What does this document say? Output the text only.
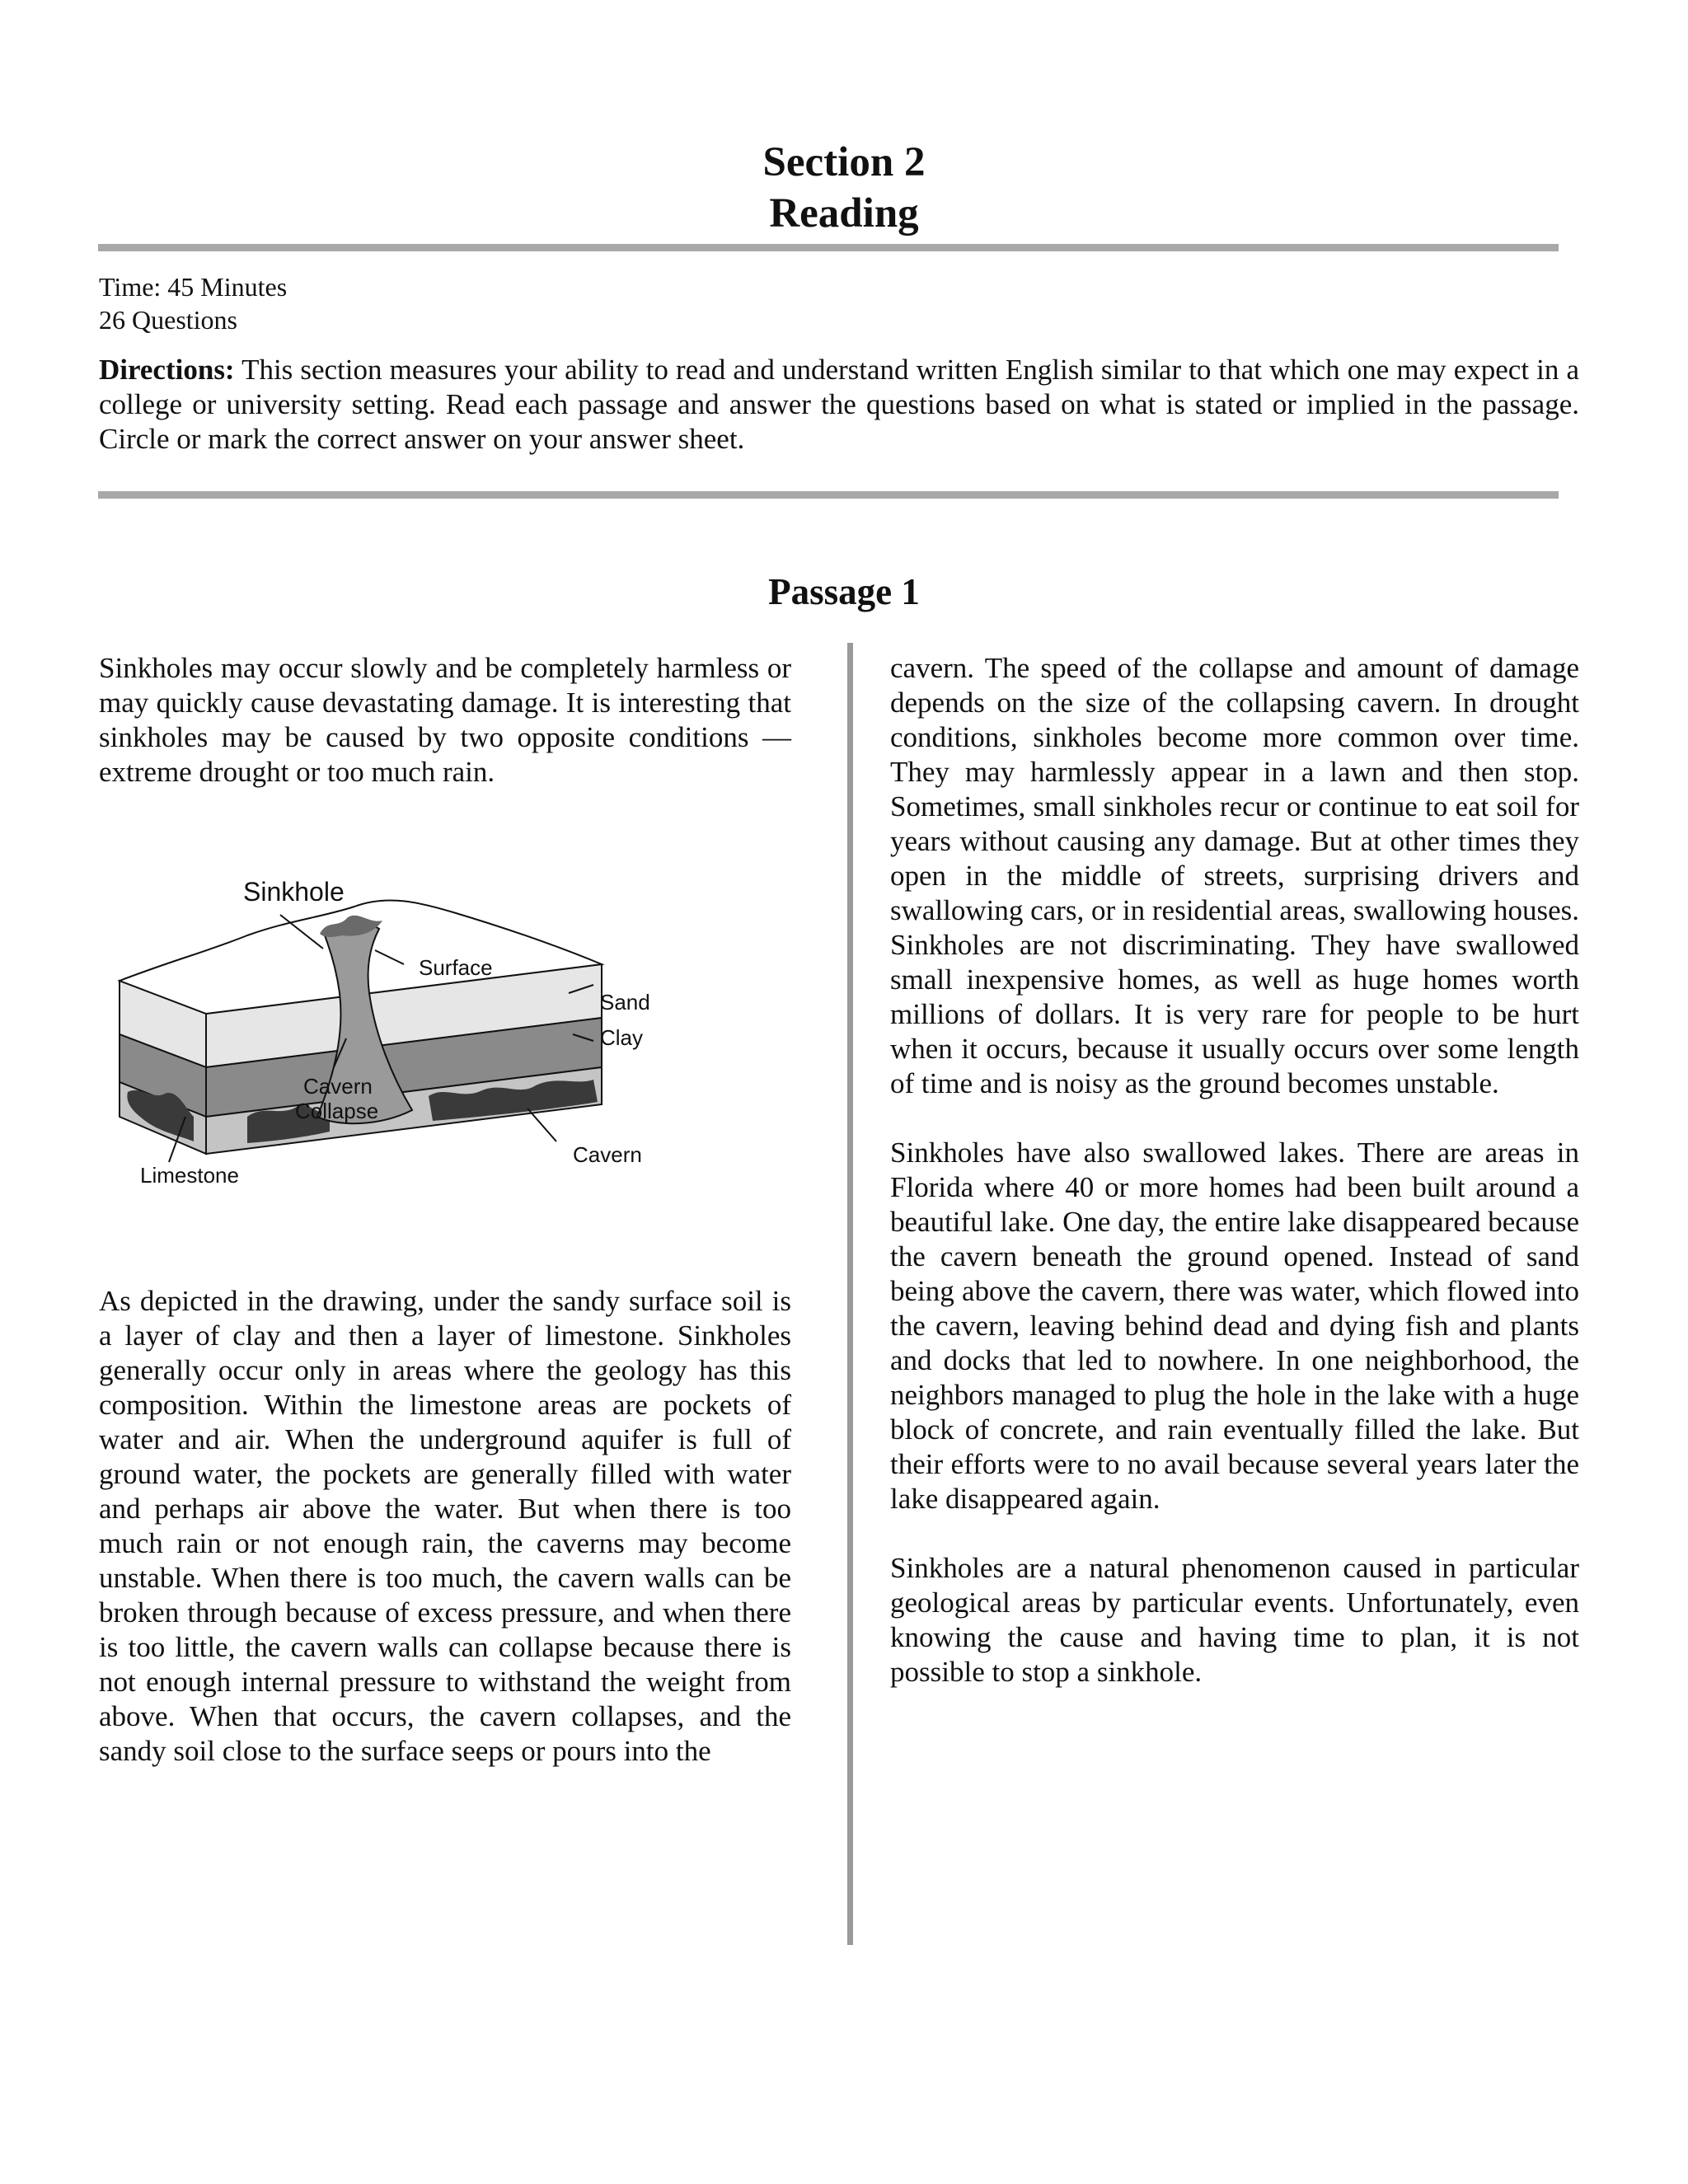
Section 2
Reading
Time: 45 Minutes
26 Questions
Directions: This section measures your ability to read and understand written English similar to that which one may expect in a college or university setting. Read each passage and answer the questions based on what is stated or implied in the passage. Circle or mark the correct answer on your answer sheet.
Passage 1

Sinkholes may occur slowly and be completely harmless or may quickly cause devastating damage. It is interesting that sinkholes may be caused by two opposite conditions — extreme drought or too much rain.

Sinkhole
Surface
Sand
Clay
Cavern
Collapse
Limestone
Cavern

As depicted in the drawing, under the sandy surface soil is a layer of clay and then a layer of limestone. Sinkholes generally occur only in areas where the geology has this composition. Within the limestone areas are pockets of water and air. When the underground aquifer is full of ground water, the pockets are generally filled with water and perhaps air above the water. But when there is too much rain or not enough rain, the caverns may become unstable. When there is too much, the cavern walls can be broken through because of excess pressure, and when there is too little, the cavern walls can collapse because there is not enough internal pressure to withstand the weight from above. When that occurs, the cavern collapses, and the sandy soil close to the surface seeps or pours into the

cavern. The speed of the collapse and amount of damage depends on the size of the collapsing cavern. In drought conditions, sinkholes become more common over time. They may harmlessly appear in a lawn and then stop. Sometimes, small sinkholes recur or continue to eat soil for years without causing any damage. But at other times they open in the middle of streets, surprising drivers and swallowing cars, or in residential areas, swallowing houses. Sinkholes are not discriminating. They have swallowed small inexpensive homes, as well as huge homes worth millions of dollars. It is very rare for people to be hurt when it occurs, because it usually occurs over some length of time and is noisy as the ground becomes unstable.

Sinkholes have also swallowed lakes. There are areas in Florida where 40 or more homes had been built around a beautiful lake. One day, the entire lake disappeared because the cavern beneath the ground opened. Instead of sand being above the cavern, there was water, which flowed into the cavern, leaving behind dead and dying fish and plants and docks that led to nowhere. In one neighborhood, the neighbors managed to plug the hole in the lake with a huge block of concrete, and rain eventually filled the lake. But their efforts were to no avail because several years later the lake disappeared again.

Sinkholes are a natural phenomenon caused in particular geological areas by particular events. Unfortunately, even knowing the cause and having time to plan, it is not possible to stop a sinkhole.
